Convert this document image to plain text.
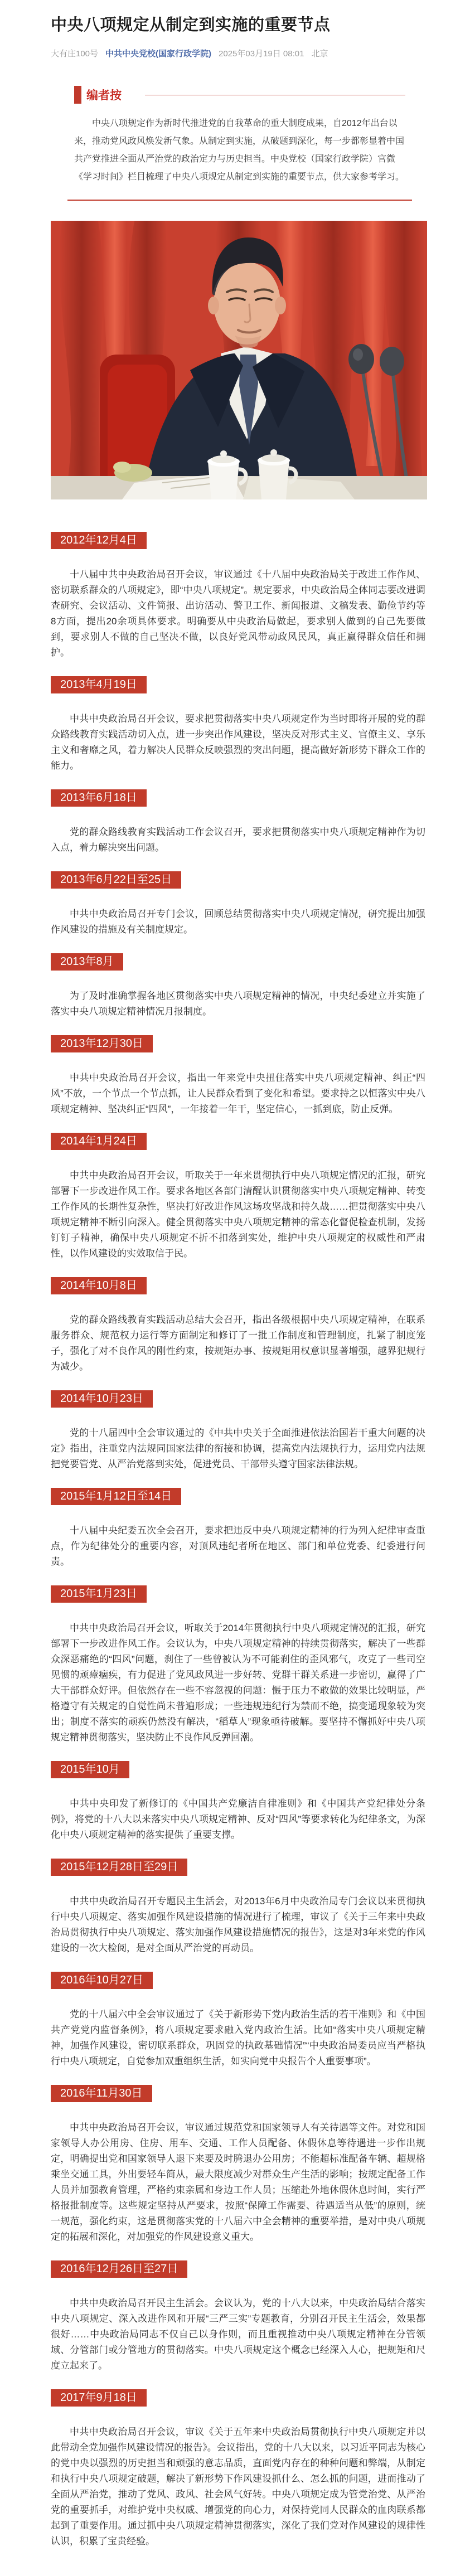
中央八项规定从制定到实施的重要节点
大有庄100号 中共中央党校(国家行政学院) 2025年03月19日 08:01 北京
编者按

中央八项规定作为新时代推进党的自我革命的重大制度成果，自2012年出台以来，推动党风政风焕发新气象。从制定到实施，从破题到深化，每一步都彰显着中国共产党推进全面从严治党的政治定力与历史担当。中央党校（国家行政学院）官微《学习时间》栏目梳理了中央八项规定从制定到实施的重要节点，供大家参考学习。

2012年12月4日

十八届中共中央政治局召开会议，审议通过《十八届中央政治局关于改进工作作风、密切联系群众的八项规定》，即“中央八项规定”。规定要求，中央政治局全体同志要改进调查研究、会议活动、文件简报、出访活动、警卫工作、新闻报道、文稿发表、勤俭节约等8方面，提出20余项具体要求。明确要从中央政治局做起，要求别人做到的自己先要做到，要求别人不做的自己坚决不做，以良好党风带动政风民风，真正赢得群众信任和拥护。

2013年4月19日

中共中央政治局召开会议，要求把贯彻落实中央八项规定作为当时即将开展的党的群众路线教育实践活动切入点，进一步突出作风建设，坚决反对形式主义、官僚主义、享乐主义和奢靡之风，着力解决人民群众反映强烈的突出问题，提高做好新形势下群众工作的能力。

2013年6月18日

党的群众路线教育实践活动工作会议召开，要求把贯彻落实中央八项规定精神作为切入点，着力解决突出问题。

2013年6月22日至25日

中共中央政治局召开专门会议，回顾总结贯彻落实中央八项规定情况，研究提出加强作风建设的措施及有关制度规定。

2013年8月

为了及时准确掌握各地区贯彻落实中央八项规定精神的情况，中央纪委建立并实施了落实中央八项规定精神情况月报制度。

2013年12月30日

中共中央政治局召开会议，指出一年来党中央扭住落实中央八项规定精神、纠正“四风”不放，一个节点一个节点抓，让人民群众看到了变化和希望。要求持之以恒落实中央八项规定精神、坚决纠正“四风”，一年接着一年干，坚定信心，一抓到底，防止反弹。

2014年1月24日

中共中央政治局召开会议，听取关于一年来贯彻执行中央八项规定情况的汇报，研究部署下一步改进作风工作。要求各地区各部门清醒认识贯彻落实中央八项规定精神、转变工作作风的长期性复杂性，坚决打好改进作风这场攻坚战和持久战……把贯彻落实中央八项规定精神不断引向深入。健全贯彻落实中央八项规定精神的常态化督促检查机制，发扬钉钉子精神，确保中央八项规定不折不扣落到实处，维护中央八项规定的权威性和严肃性，以作风建设的实效取信于民。

2014年10月8日

党的群众路线教育实践活动总结大会召开，指出各级根据中央八项规定精神，在联系服务群众、规范权力运行等方面制定和修订了一批工作制度和管理制度，扎紧了制度笼子，强化了对不良作风的刚性约束，按规矩办事、按规矩用权意识显著增强，越界犯规行为减少。

2014年10月23日

党的十八届四中全会审议通过的《中共中央关于全面推进依法治国若干重大问题的决定》指出，注重党内法规同国家法律的衔接和协调，提高党内法规执行力，运用党内法规把党要管党、从严治党落到实处，促进党员、干部带头遵守国家法律法规。

2015年1月12日至14日

十八届中央纪委五次全会召开，要求把违反中央八项规定精神的行为列入纪律审查重点，作为纪律处分的重要内容，对顶风违纪者所在地区、部门和单位党委、纪委进行问责。

2015年1月23日

中共中央政治局召开会议，听取关于2014年贯彻执行中央八项规定情况的汇报，研究部署下一步改进作风工作。会议认为，中央八项规定精神的持续贯彻落实，解决了一些群众深恶痛绝的“四风”问题，刹住了一些曾被认为不可能刹住的歪风邪气，攻克了一些司空见惯的顽瘴痼疾，有力促进了党风政风进一步好转、党群干群关系进一步密切，赢得了广大干部群众好评。但依然存在一些不容忽视的问题：慑于压力不敢做的效果比较明显，严格遵守有关规定的自觉性尚未普遍形成；一些违规违纪行为禁而不绝，搞变通现象较为突出；制度不落实的顽疾仍然没有解决，“稻草人”现象亟待破解。要坚持不懈抓好中央八项规定精神贯彻落实，坚决防止不良作风反弹回潮。

2015年10月

中共中央印发了新修订的《中国共产党廉洁自律准则》和《中国共产党纪律处分条例》，将党的十八大以来落实中央八项规定精神、反对“四风”等要求转化为纪律条文，为深化中央八项规定精神的落实提供了重要支撑。

2015年12月28日至29日

中共中央政治局召开专题民主生活会，对2013年6月中央政治局专门会议以来贯彻执行中央八项规定、落实加强作风建设措施的情况进行了梳理，审议了《关于三年来中央政治局贯彻执行中央八项规定、落实加强作风建设措施情况的报告》，这是对3年来党的作风建设的一次大检阅，是对全面从严治党的再动员。

2016年10月27日

党的十八届六中全会审议通过了《关于新形势下党内政治生活的若干准则》和《中国共产党党内监督条例》，将八项规定要求融入党内政治生活。比如“落实中央八项规定精神，加强作风建设，密切联系群众，巩固党的执政基础情况”“中央政治局委员应当严格执行中央八项规定，自觉参加双重组织生活，如实向党中央报告个人重要事项”。

2016年11月30日

中共中央政治局召开会议，审议通过规范党和国家领导人有关待遇等文件。对党和国家领导人办公用房、住房、用车、交通、工作人员配备、休假休息等待遇进一步作出规定，明确提出党和国家领导人退下来要及时腾退办公用房；不能超标准配备车辆、超规格乘坐交通工具，外出要轻车简从，最大限度减少对群众生产生活的影响；按规定配备工作人员并加强教育管理，严格约束亲属和身边工作人员；压缩赴外地休假休息时间，实行严格报批制度等。这些规定坚持从严要求，按照“保障工作需要、待遇适当从低”的原则，统一规范，强化约束，这是贯彻落实党的十八届六中全会精神的重要举措，是对中央八项规定的拓展和深化，对加强党的作风建设意义重大。

2016年12月26日至27日

中共中央政治局召开民主生活会。会议认为，党的十八大以来，中央政治局结合落实中央八项规定、深入改进作风和开展“三严三实”专题教育，分别召开民主生活会，效果都很好……中央政治局同志不仅自己以身作则，而且重视推动中央八项规定精神在分管领域、分管部门或分管地方的贯彻落实。中央八项规定这个概念已经深入人心，把规矩和尺度立起来了。

2017年9月18日

中共中央政治局召开会议，审议《关于五年来中央政治局贯彻执行中央八项规定并以此带动全党加强作风建设情况的报告》。会议指出，党的十八大以来，以习近平同志为核心的党中央以强烈的历史担当和顽强的意志品质，直面党内存在的种种问题和弊端，从制定和执行中央八项规定破题，解决了新形势下作风建设抓什么、怎么抓的问题，进而推动了全面从严治党，推动了党风、政风、社会风气好转。中央八项规定成为管党治党、从严治党的重要抓手，对维护党中央权威、增强党的向心力，对保持党同人民群众的血肉联系都起到了重要作用。通过抓中央八项规定精神贯彻落实，深化了我们党对作风建设的规律性认识，积累了宝贵经验。
